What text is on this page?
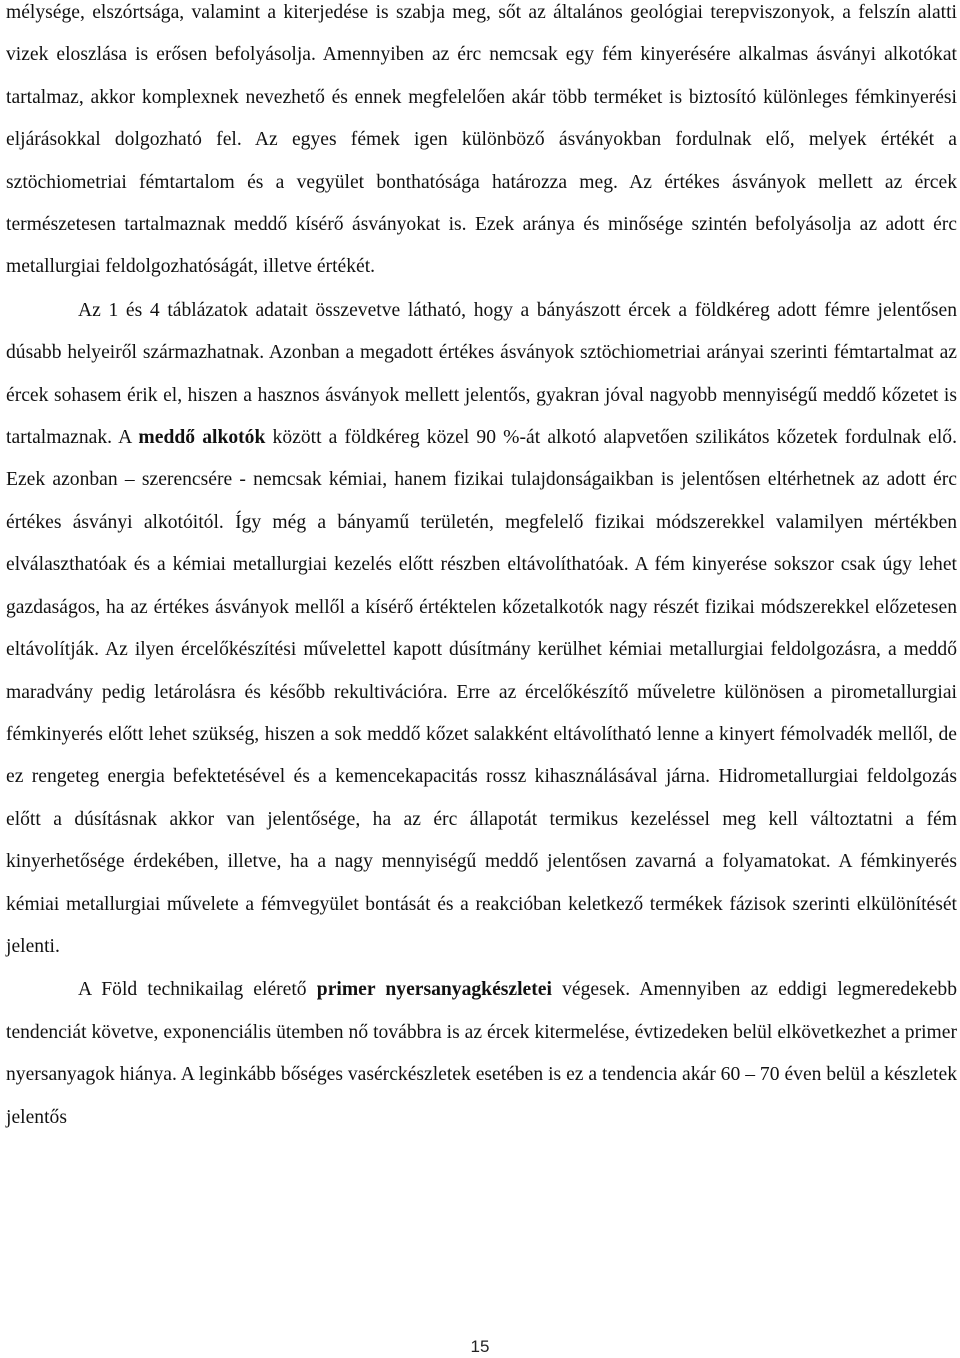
mélysége, elszórtsága, valamint a kiterjedése is szabja meg, sőt az általános geológiai terepviszonyok, a felszín alatti vizek eloszlása is erősen befolyásolja. Amennyiben az érc nemcsak egy fém kinyerésére alkalmas ásványi alkotókat tartalmaz, akkor komplexnek nevezhető és ennek megfelelően akár több terméket is biztosító különleges fémkinyerési eljárásokkal dolgozható fel. Az egyes fémek igen különböző ásványokban fordulnak elő, melyek értékét a sztöchiometriai fémtartalom és a vegyület bonthatósága határozza meg. Az értékes ásványok mellett az ércek természetesen tartalmaznak meddő kísérő ásványokat is. Ezek aránya és minősége szintén befolyásolja az adott érc metallurgiai feldolgozhatóságát, illetve értékét.

Az 1 és 4 táblázatok adatait összevetve látható, hogy a bányászott ércek a földkéreg adott fémre jelentősen dúsabb helyeiről származhatnak. Azonban a megadott értékes ásványok sztöchiometriai arányai szerinti fémtartalmat az ércek sohasem érik el, hiszen a hasznos ásványok mellett jelentős, gyakran jóval nagyobb mennyiségű meddő kőzetet is tartalmaznak. A meddő alkotók között a földkéreg közel 90 %-át alkotó alapvetően szilikátos kőzetek fordulnak elő. Ezek azonban – szerencsére - nemcsak kémiai, hanem fizikai tulajdonságaikban is jelentősen eltérhetnek az adott érc értékes ásványi alkotóitól. Így még a bányamű területén, megfelelő fizikai módszerekkel valamilyen mértékben elválaszthatóak és a kémiai metallurgiai kezelés előtt részben eltávolíthatóak. A fém kinyerése sokszor csak úgy lehet gazdaságos, ha az értékes ásványok mellől a kísérő értéktelen kőzetalkotók nagy részét fizikai módszerekkel előzetesen eltávolítják. Az ilyen ércelőkészítési művelettel kapott dúsítmány kerülhet kémiai metallurgiai feldolgozásra, a meddő maradvány pedig letárolásra és később rekultivációra. Erre az ércelőkészítő műveletre különösen a pirometallurgiai fémkinyerés előtt lehet szükség, hiszen a sok meddő kőzet salakként eltávolítható lenne a kinyert fémolvadék mellől, de ez rengeteg energia befektetésével és a kemencekapacitás rossz kihasználásával járna. Hidrometallurgiai feldolgozás előtt a dúsításnak akkor van jelentősége, ha az érc állapotát termikus kezeléssel meg kell változtatni a fém kinyerhetősége érdekében, illetve, ha a nagy mennyiségű meddő jelentősen zavarná a folyamatokat. A fémkinyerés kémiai metallurgiai művelete a fémvegyület bontását és a reakcióban keletkező termékek fázisok szerinti elkülönítését jelenti.

A Föld technikailag elérető primer nyersanyagkészletei végesek. Amennyiben az eddigi legmeredekebb tendenciát követve, exponenciális ütemben nő továbbra is az ércek kitermelése, évtizedeken belül elkövetkezhet a primer nyersanyagok hiánya. A leginkább bőséges vasérckészletek esetében is ez a tendencia akár 60 – 70 éven belül a készletek jelentős

15
